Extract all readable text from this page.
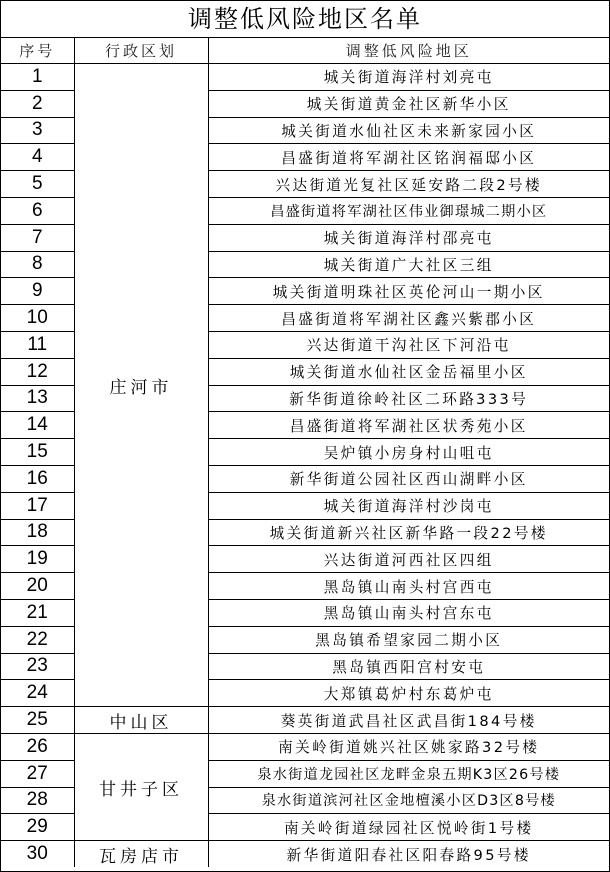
调整低风险地区名单
序号	行政区划	调整低风险地区
1	庄河市	城关街道海洋村刘亮屯
2		城关街道黄金社区新华小区
3		城关街道水仙社区未来新家园小区
4		昌盛街道将军湖社区铭润福邸小区
5		兴达街道光复社区延安路二段2号楼
6		昌盛街道将军湖社区伟业御璟城二期小区
7		城关街道海洋村邵亮屯
8		城关街道广大社区三组
9		城关街道明珠社区英伦河山一期小区
10		昌盛街道将军湖社区鑫兴紫郡小区
11		兴达街道干沟社区下河沿屯
12		城关街道水仙社区金岳福里小区
13		新华街道徐岭社区二环路333号
14		昌盛街道将军湖社区状秀苑小区
15		吴炉镇小房身村山咀屯
16		新华街道公园社区西山湖畔小区
17		城关街道海洋村沙岗屯
18		城关街道新兴社区新华路一段22号楼
19		兴达街道河西社区四组
20		黑岛镇山南头村宫西屯
21		黑岛镇山南头村宫东屯
22		黑岛镇希望家园二期小区
23		黑岛镇西阳宫村安屯
24		大郑镇葛炉村东葛炉屯
25	中山区	葵英街道武昌社区武昌街184号楼
26	甘井子区	南关岭街道姚兴社区姚家路32号楼
27		泉水街道龙园社区龙畔金泉五期K3区26号楼
28		泉水街道滨河社区金地檀溪小区D3区8号楼
29		南关岭街道绿园社区悦岭街1号楼
30	瓦房店市	新华街道阳春社区阳春路95号楼
